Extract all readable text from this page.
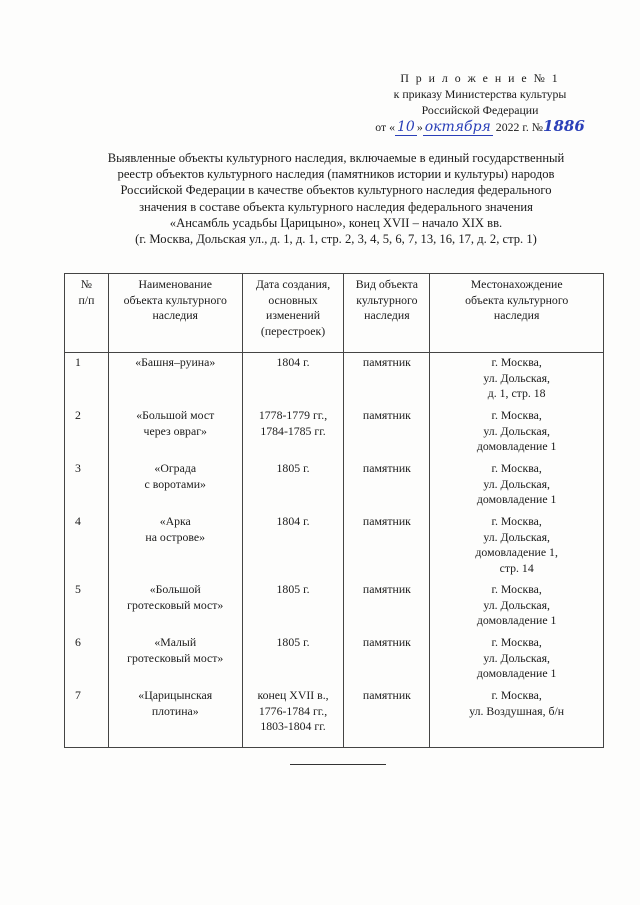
П р и л о ж е н и е № 1
к приказу Министерства культуры
Российской Федерации
от « 10 » октября 2022 г. №1886
Выявленные объекты культурного наследия, включаемые в единый государственный
реестр объектов культурного наследия (памятников истории и культуры) народов
Российской Федерации в качестве объектов культурного наследия федерального
значения в составе объекта культурного наследия федерального значения
«Ансамбль усадьбы Царицыно», конец XVII – начало XIX вв.
(г. Москва, Дольская ул., д. 1, д. 1, стр. 2, 3, 4, 5, 6, 7, 13, 16, 17, д. 2, стр. 1)
№
п/п	Наименование
объекта культурного
наследия	Дата создания,
основных
изменений
(перестроек)	Вид объекта
культурного
наследия	Местонахождение
объекта культурного
наследия
1	«Башня–руина»	1804 г.	памятник	г. Москва,
ул. Дольская,
д. 1, стр. 18
2	«Большой мост
через овраг»	1778-1779 гг.,
1784-1785 гг.	памятник	г. Москва,
ул. Дольская,
домовладение 1
3	«Ограда
с воротами»	1805 г.	памятник	г. Москва,
ул. Дольская,
домовладение 1
4	«Арка
на острове»	1804 г.	памятник	г. Москва,
ул. Дольская,
домовладение 1,
стр. 14
5	«Большой
гротесковый мост»	1805 г.	памятник	г. Москва,
ул. Дольская,
домовладение 1
6	«Малый
гротесковый мост»	1805 г.	памятник	г. Москва,
ул. Дольская,
домовладение 1
7	«Царицынская
плотина»	конец XVII в.,
1776-1784 гг.,
1803-1804 гг.	памятник	г. Москва,
ул. Воздушная, б/н
